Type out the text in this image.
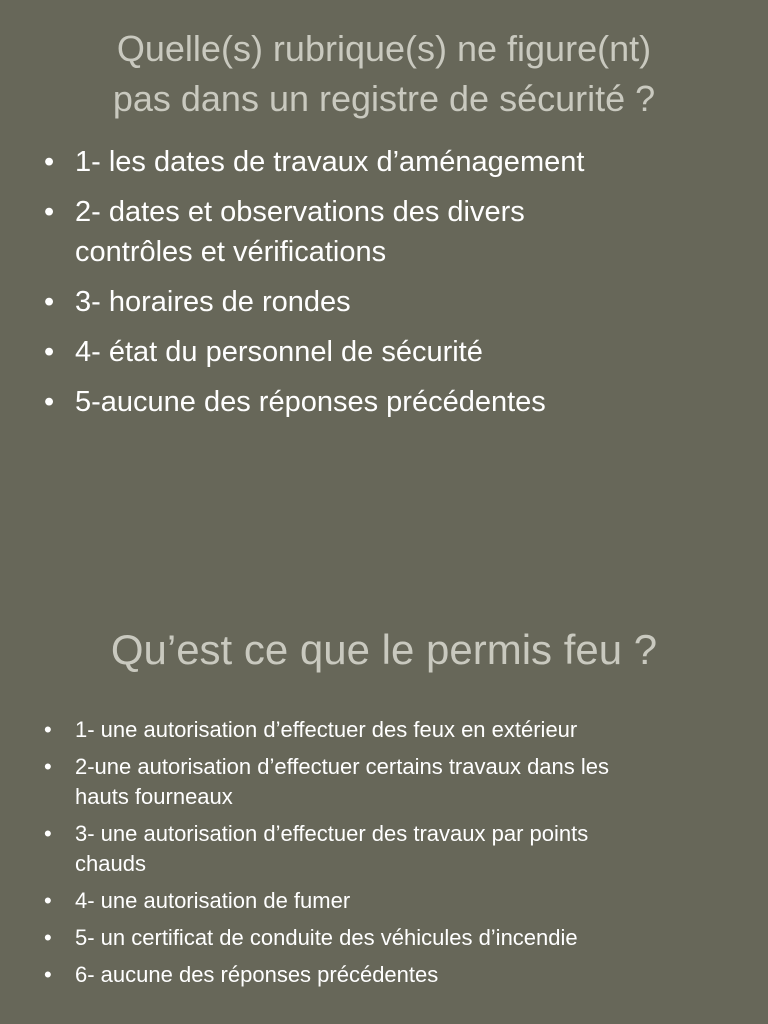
Quelle(s) rubrique(s) ne figure(nt)
pas dans un registre de sécurité ?
• 1- les dates de travaux d’aménagement
• 2- dates et observations des divers
contrôles et vérifications
• 3- horaires de rondes
• 4- état du personnel de sécurité
• 5-aucune des réponses précédentes
Qu’est ce que le permis feu ?
• 1- une autorisation d’effectuer des feux en extérieur
• 2-une autorisation d’effectuer certains travaux dans les
hauts fourneaux
• 3- une autorisation d’effectuer des travaux par points
chauds
• 4- une autorisation de fumer
• 5- un certificat de conduite des véhicules d’incendie
• 6- aucune des réponses précédentes
